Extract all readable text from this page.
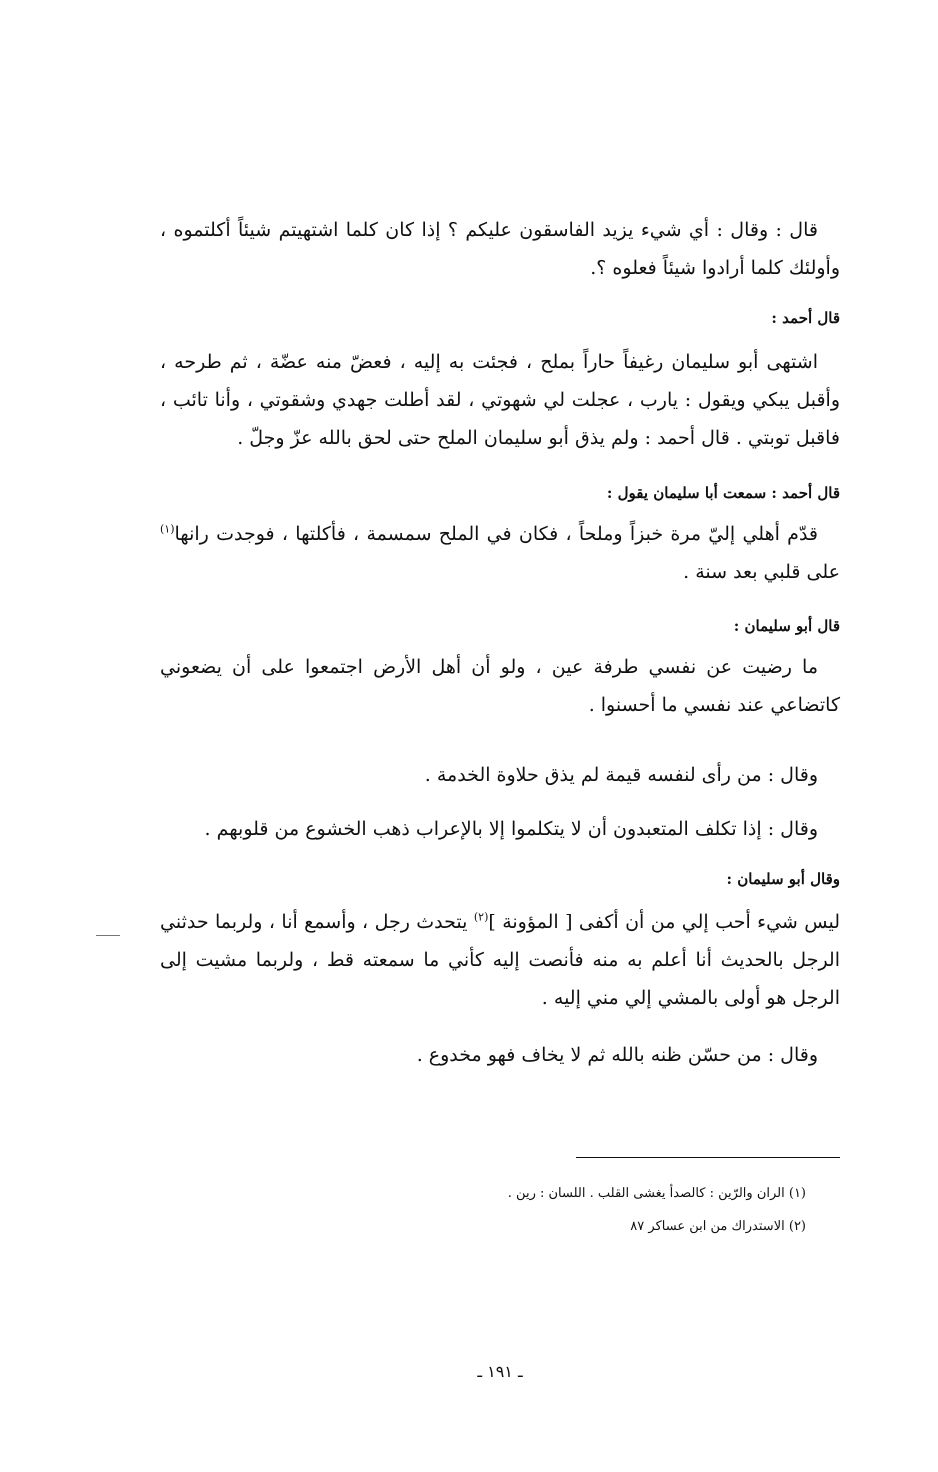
قال : وقال : أي شيء يزيد الفاسقون عليكم ؟ إذا كان كلما اشتهيتم شيئاً أكلتموه ، وأولئك كلما أرادوا شيئاً فعلوه ؟.

قال أحمد :

اشتهى أبو سليمان رغيفاً حاراً بملح ، فجئت به إليه ، فعضّ منه عضّة ، ثم طرحه ، وأقبل يبكي ويقول : يارب ، عجلت لي شهوتي ، لقد أطلت جهدي وشقوتي ، وأنا تائب ، فاقبل توبتي . قال أحمد : ولم يذق أبو سليمان الملح حتى لحق بالله عزّ وجلّ .

قال أحمد : سمعت أبا سليمان يقول :

قدّم أهلي إليّ مرة خبزاً وملحاً ، فكان في الملح سمسمة ، فأكلتها ، فوجدت رانها$^{(١)}$ على قلبي بعد سنة .

قال أبو سليمان :

ما رضيت عن نفسي طرفة عين ، ولو أن أهل الأرض اجتمعوا على أن يضعوني كاتضاعي عند نفسي ما أحسنوا .

وقال : من رأى لنفسه قيمة لم يذق حلاوة الخدمة .

وقال : إذا تكلف المتعبدون أن لا يتكلموا إلا بالإعراب ذهب الخشوع من قلوبهم .

وقال أبو سليمان :

ليس شيء أحب إلي من أن أكفى [ المؤونة ]$^{(٢)}$ يتحدث رجل ، وأسمع أنا ، ولربما حدثني الرجل بالحديث أنا أعلم به منه فأنصت إليه كأني ما سمعته قط ، ولربما مشيت إلى الرجل هو أولى بالمشي إلي مني إليه .

وقال : من حسّن ظنه بالله ثم لا يخاف فهو مخدوع .

(١) الران والرّين : كالصدأ يغشى القلب . اللسان : رين .
(٢) الاستدراك من ابن عساكر ٨٧
ـ ١٩١ ـ
